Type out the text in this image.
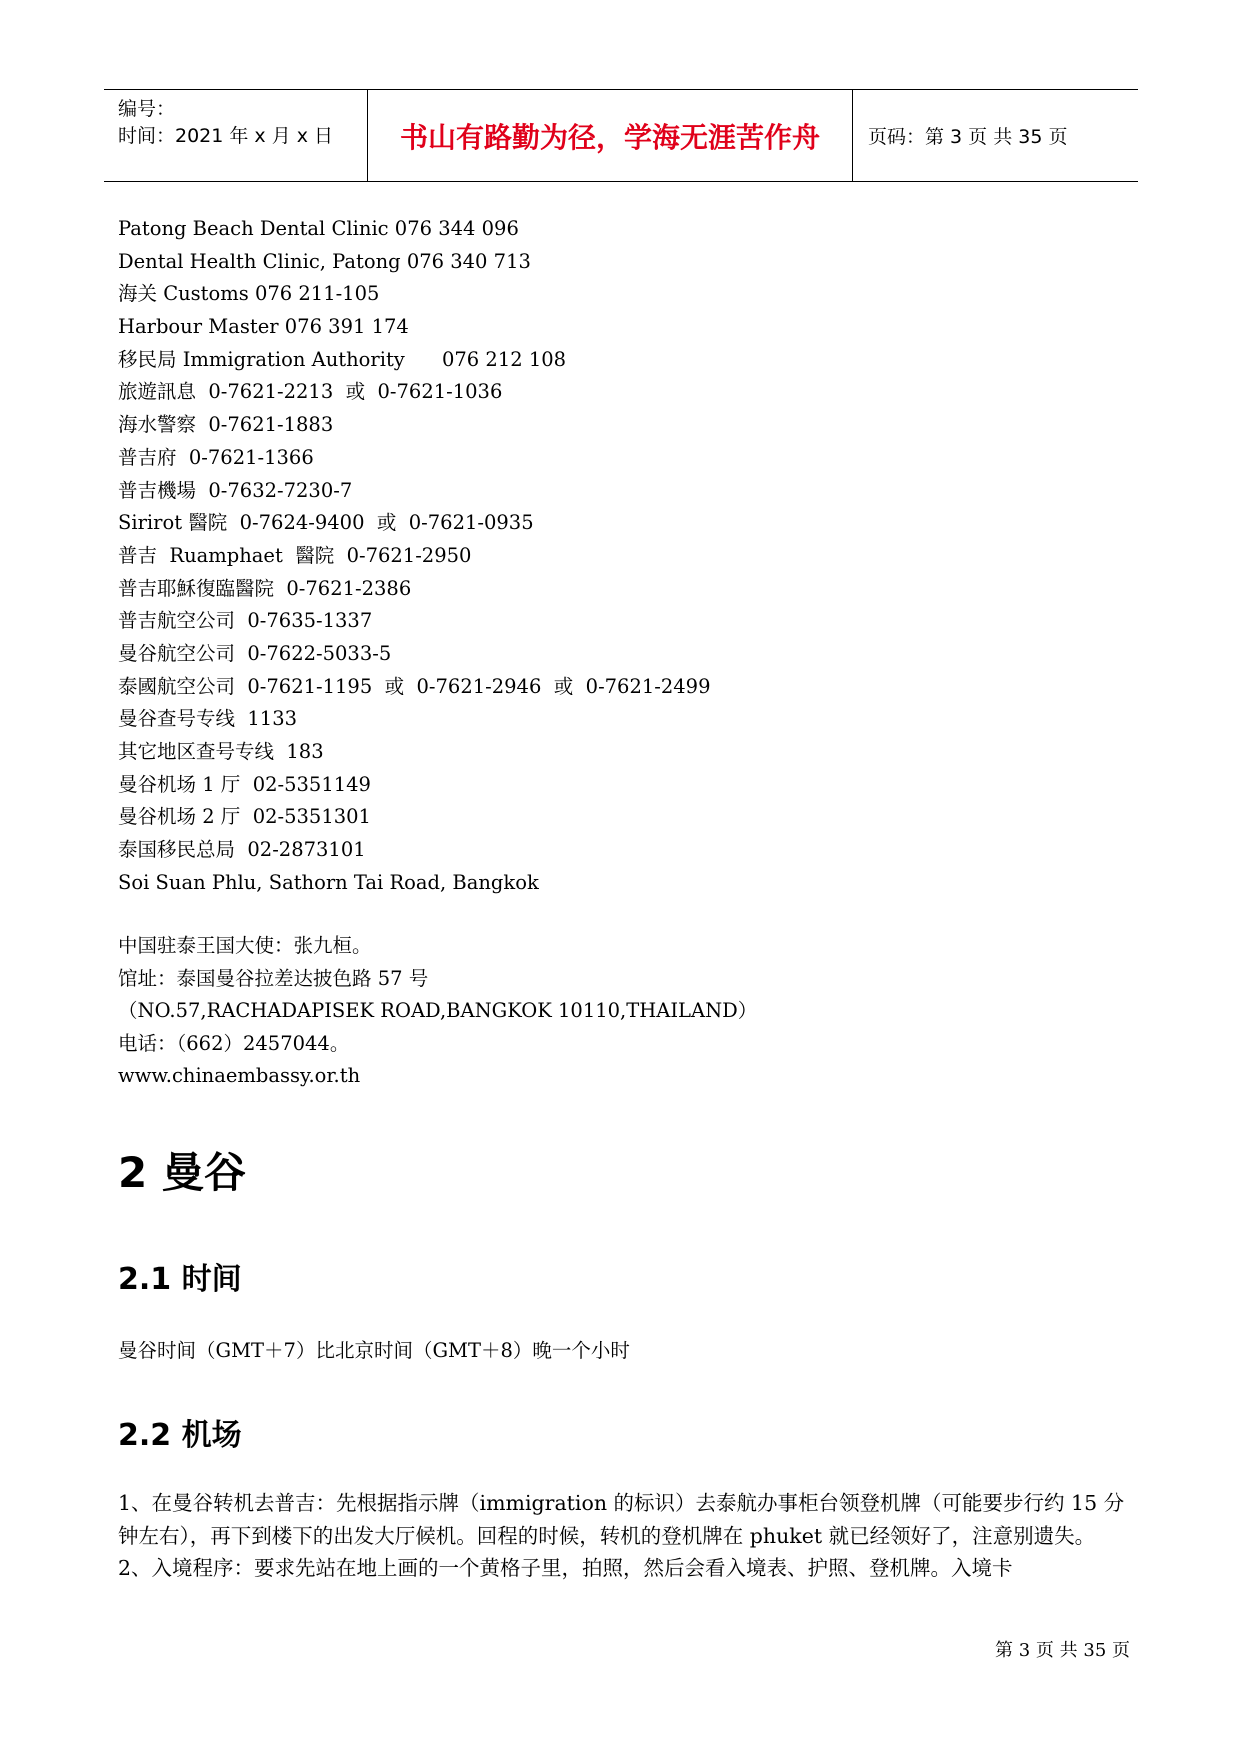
编号：
时间：2021 年 x 月 x 日	书山有路勤为径，学海无涯苦作舟	页码：第 3 页 共 35 页
Patong Beach Dental Clinic 076 344 096
Dental Health Clinic, Patong 076 340 713
海关 Customs 076 211-105
Harbour Master 076 391 174
移民局 Immigration Authority      076 212 108
旅遊訊息  0-7621-2213  或  0-7621-1036
海水警察  0-7621-1883
普吉府  0-7621-1366
普吉機場  0-7632-7230-7
Sirirot 醫院  0-7624-9400  或  0-7621-0935
普吉  Ruamphaet  醫院  0-7621-2950
普吉耶穌復臨醫院  0-7621-2386
普吉航空公司  0-7635-1337
曼谷航空公司  0-7622-5033-5
泰國航空公司  0-7621-1195  或  0-7621-2946  或  0-7621-2499
曼谷查号专线  1133
其它地区查号专线  183
曼谷机场 1 厅  02-5351149
曼谷机场 2 厅  02-5351301
泰国移民总局  02-2873101
Soi Suan Phlu, Sathorn Tai Road, Bangkok
中国驻泰王国大使：张九桓。
馆址：泰国曼谷拉差达披色路 57 号
（NO.57,RACHADAPISEK ROAD,BANGKOK 10110,THAILAND）
电话：（662）2457044。
www.chinaembassy.or.th
2 曼谷
2.1 时间
曼谷时间（GMT＋7）比北京时间（GMT＋8）晚一个小时
2.2 机场

1、在曼谷转机去普吉：先根据指示牌（immigration 的标识）去泰航办事柜台领登机牌（可能要步行约 15 分钟左右），再下到楼下的出发大厅候机。回程的时候，转机的登机牌在 phuket 就已经领好了，注意别遗失。

2、入境程序：要求先站在地上画的一个黄格子里，拍照，然后会看入境表、护照、登机牌。入境卡

第 3 页 共 35 页
